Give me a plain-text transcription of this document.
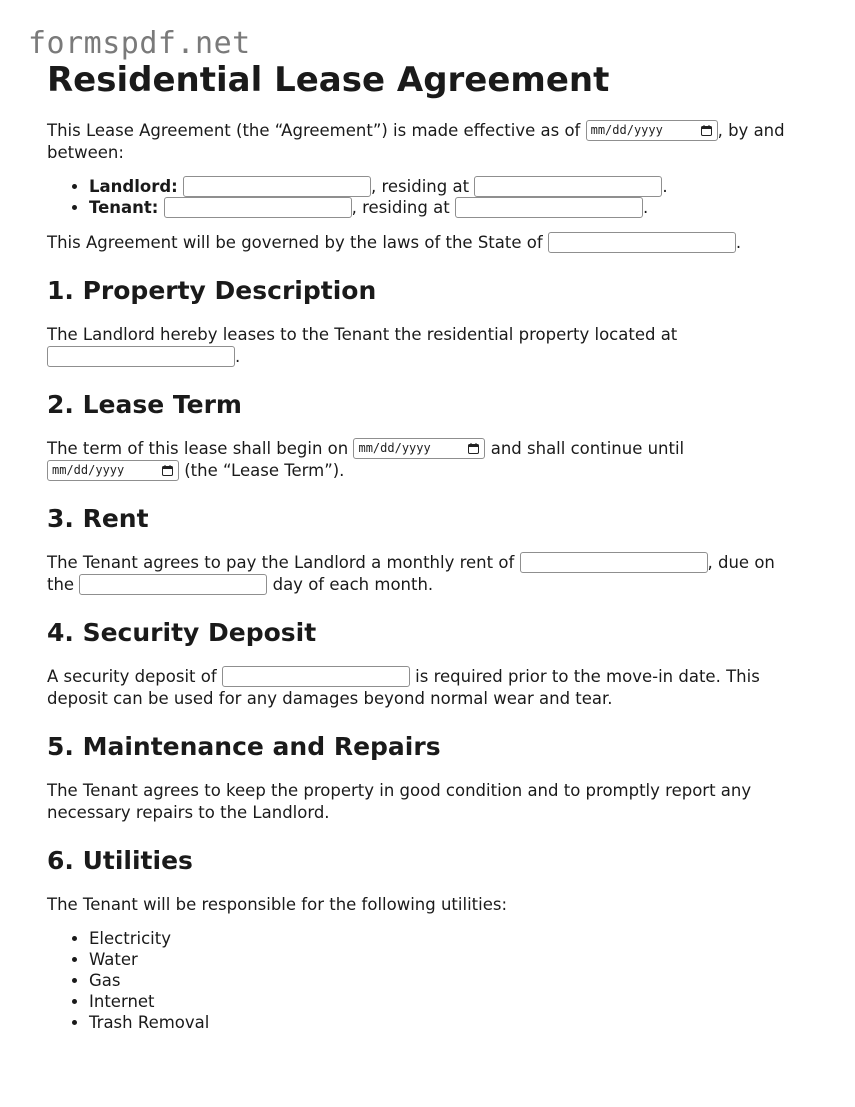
formspdf.net
Residential Lease Agreement

This Lease Agreement (the “Agreement”) is made effective as of mm/dd/yyyy	, by and between:

• Landlord:	, residing at	.
• Tenant:	, residing at	.

This Agreement will be governed by the laws of the State of	.

1. Property Description

The Landlord hereby leases to the Tenant the residential property located at
.

2. Lease Term

The term of this lease shall begin on mm/dd/yyyy	and shall continue until

mm/dd/yyyy	(the “Lease Term”).

3. Rent

The Tenant agrees to pay the Landlord a monthly rent of	, due on the	day of each month.

4. Security Deposit

A security deposit of	is required prior to the move-in date. This deposit can be used for any damages beyond normal wear and tear.

5. Maintenance and Repairs

The Tenant agrees to keep the property in good condition and to promptly report any necessary repairs to the Landlord.

6. Utilities

The Tenant will be responsible for the following utilities:

• Electricity
• Water
• Gas
• Internet
• Trash Removal
